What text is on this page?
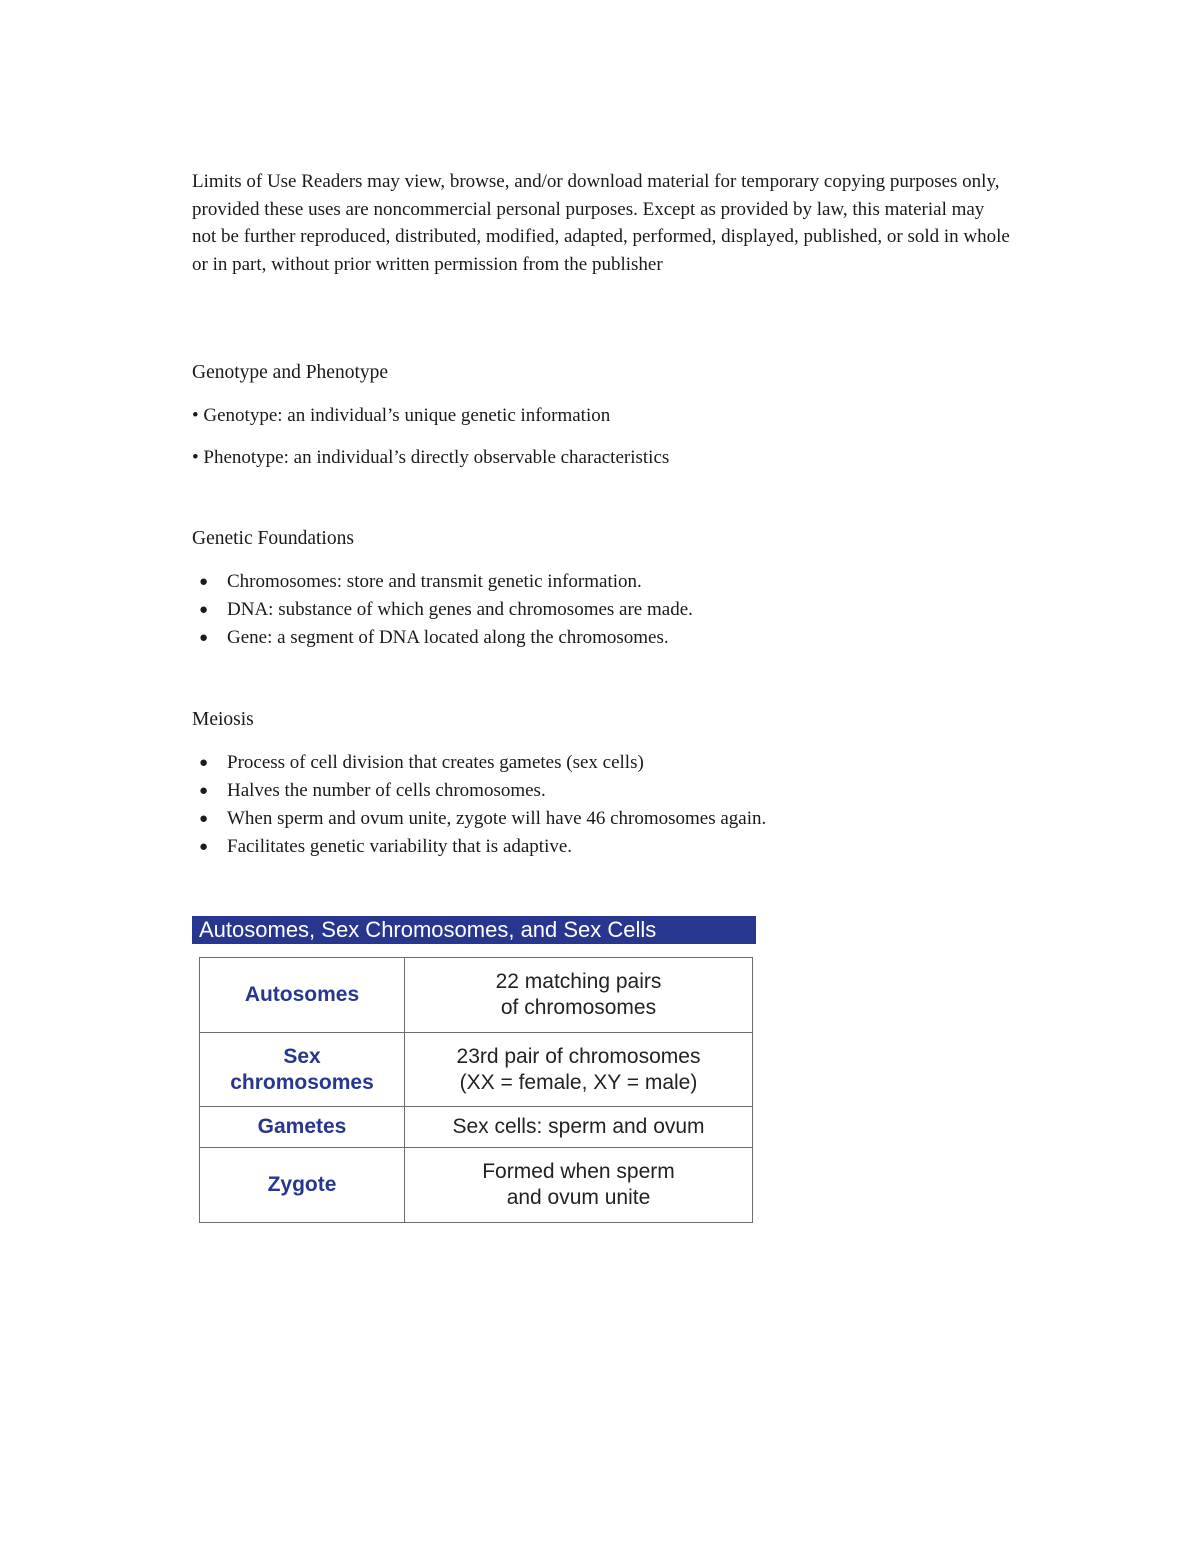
Limits of Use Readers may view, browse, and/or download material for temporary copying purposes only, provided these uses are noncommercial personal purposes. Except as provided by law, this material may not be further reproduced, distributed, modified, adapted, performed, displayed, published, or sold in whole or in part, without prior written permission from the publisher

Genotype and Phenotype

• Genotype: an individual’s unique genetic information

• Phenotype: an individual’s directly observable characteristics

Genetic Foundations
● Chromosomes: store and transmit genetic information.
● DNA: substance of which genes and chromosomes are made.
● Gene: a segment of DNA located along the chromosomes.
Meiosis
● Process of cell division that creates gametes (sex cells)
● Halves the number of cells chromosomes.
● When sperm and ovum unite, zygote will have 46 chromosomes again.
● Facilitates genetic variability that is adaptive.
Autosomes, Sex Chromosomes, and Sex Cells
Autosomes	22 matching pairs
of chromosomes
Sex
chromosomes	23rd pair of chromosomes
(XX = female, XY = male)
Gametes	Sex cells: sperm and ovum
Zygote	Formed when sperm
and ovum unite
